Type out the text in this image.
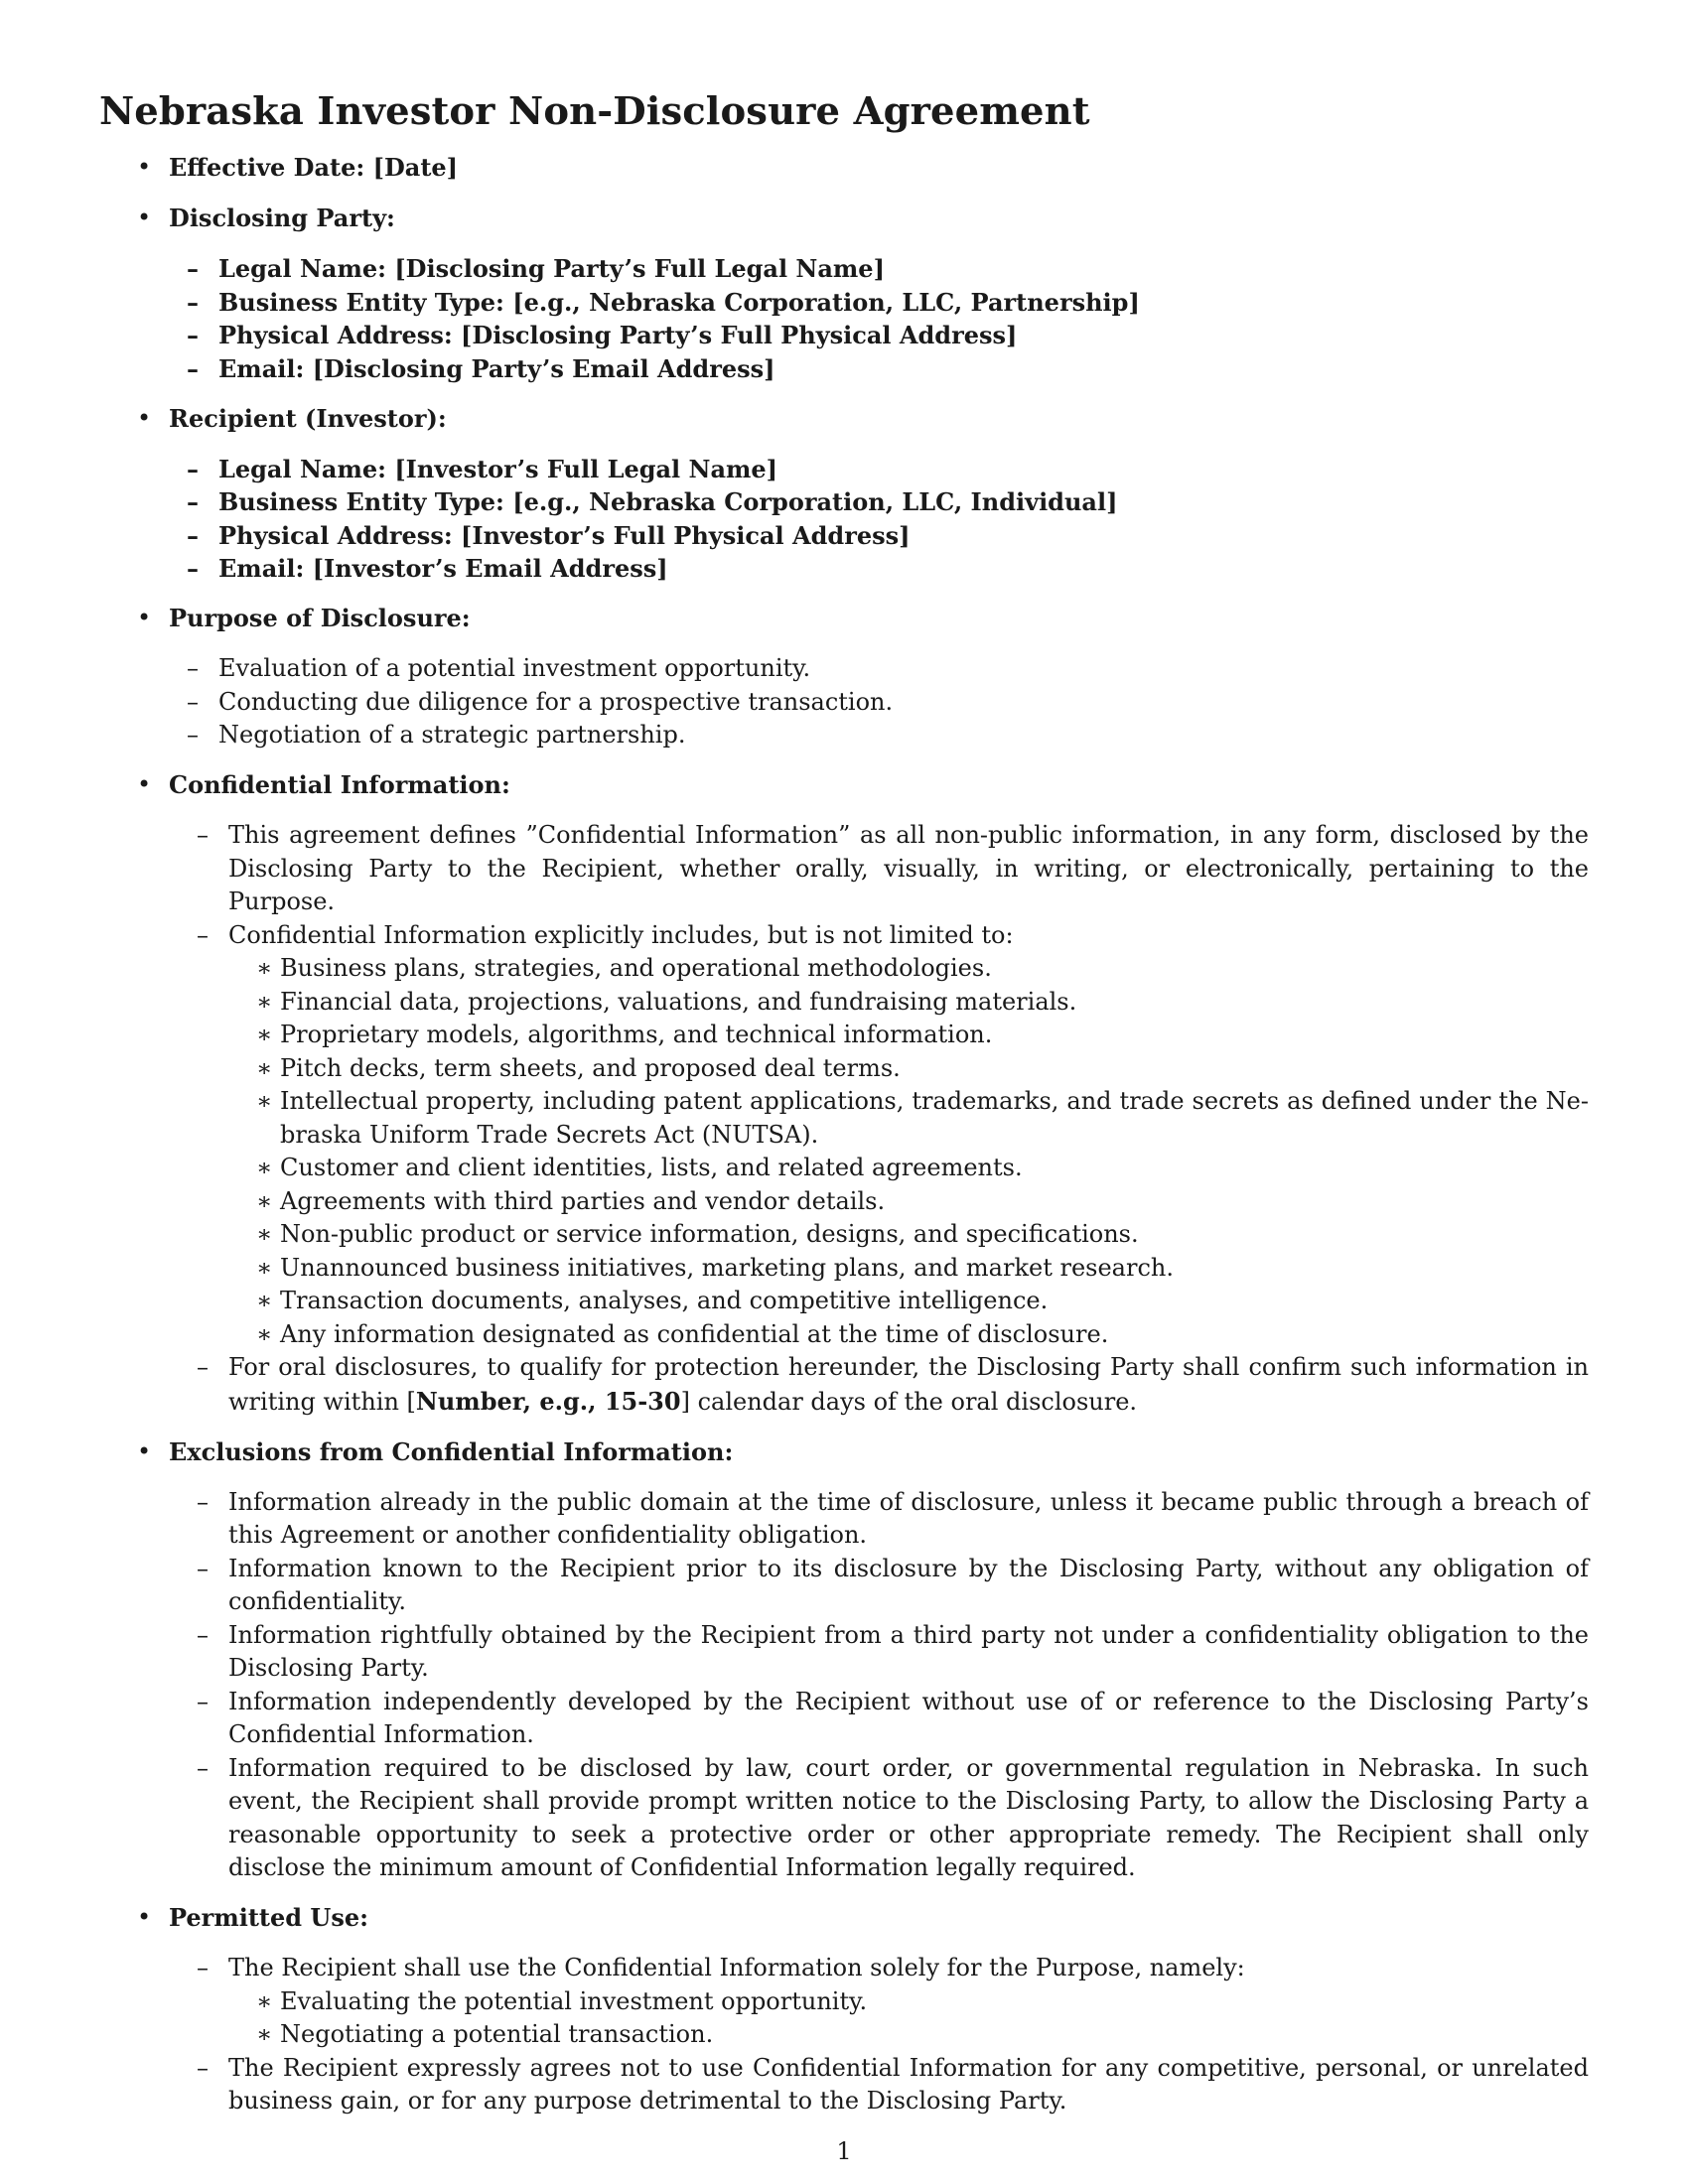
Nebraska Investor Non-Disclosure Agreement
• Effective Date: [Date]
• Disclosing Party:
– Legal Name: [Disclosing Party’s Full Legal Name]
– Business Entity Type: [e.g., Nebraska Corporation, LLC, Partnership]
– Physical Address: [Disclosing Party’s Full Physical Address]
– Email: [Disclosing Party’s Email Address]
• Recipient (Investor):
– Legal Name: [Investor’s Full Legal Name]
– Business Entity Type: [e.g., Nebraska Corporation, LLC, Individual]
– Physical Address: [Investor’s Full Physical Address]
– Email: [Investor’s Email Address]
• Purpose of Disclosure:
– Evaluation of a potential investment opportunity.
– Conducting due diligence for a prospective transaction.
– Negotiation of a strategic partnership.
• Confidential Information:
– This agreement defines ”Confidential Information” as all non-public information, in any form, disclosed by the Disclosing Party to the Recipient, whether orally, visually, in writing, or electronically, pertaining to the Purpose.
– Confidential Information explicitly includes, but is not limited to:
∗ Business plans, strategies, and operational methodologies.
∗ Financial data, projections, valuations, and fundraising materials.
∗ Proprietary models, algorithms, and technical information.
∗ Pitch decks, term sheets, and proposed deal terms.
∗ Intellectual property, including patent applications, trademarks, and trade secrets as defined under the Ne-braska Uniform Trade Secrets Act (NUTSA).
∗ Customer and client identities, lists, and related agreements.
∗ Agreements with third parties and vendor details.
∗ Non-public product or service information, designs, and specifications.
∗ Unannounced business initiatives, marketing plans, and market research.
∗ Transaction documents, analyses, and competitive intelligence.
∗ Any information designated as confidential at the time of disclosure.
– For oral disclosures, to qualify for protection hereunder, the Disclosing Party shall confirm such information in writing within [Number, e.g., 15-30] calendar days of the oral disclosure.
• Exclusions from Confidential Information:
– Information already in the public domain at the time of disclosure, unless it became public through a breach of this Agreement or another confidentiality obligation.
– Information known to the Recipient prior to its disclosure by the Disclosing Party, without any obligation of confidentiality.
– Information rightfully obtained by the Recipient from a third party not under a confidentiality obligation to the Disclosing Party.
– Information independently developed by the Recipient without use of or reference to the Disclosing Party’s Confidential Information.
– Information required to be disclosed by law, court order, or governmental regulation in Nebraska. In such event, the Recipient shall provide prompt written notice to the Disclosing Party, to allow the Disclosing Party a reasonable opportunity to seek a protective order or other appropriate remedy. The Recipient shall only disclose the minimum amount of Confidential Information legally required.
• Permitted Use:
– The Recipient shall use the Confidential Information solely for the Purpose, namely:
∗ Evaluating the potential investment opportunity.
∗ Negotiating a potential transaction.
– The Recipient expressly agrees not to use Confidential Information for any competitive, personal, or unrelated business gain, or for any purpose detrimental to the Disclosing Party.
1
